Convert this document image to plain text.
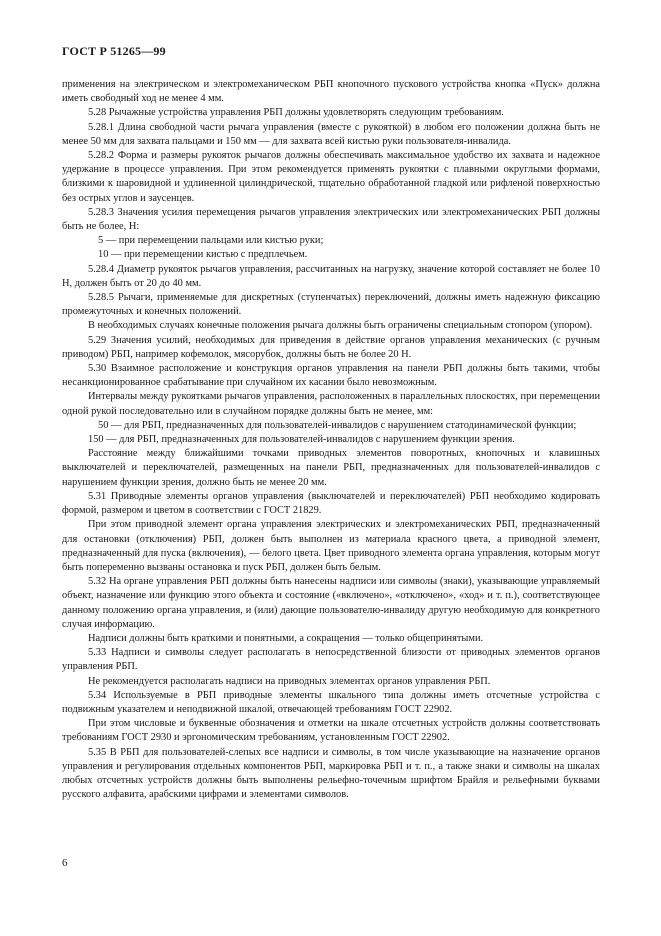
ГОСТ Р 51265—99

применения на электрическом и электромеханическом РБП кнопочного пускового устройства кнопка «Пуск» должна иметь свободный ход не менее 4 мм.

5.28 Рычажные устройства управления РБП должны удовлетворять следующим требованиям.

5.28.1 Длина свободной части рычага управления (вместе с рукояткой) в любом его положении должна быть не менее 50 мм для захвата пальцами и 150 мм — для захвата всей кистью руки пользователя-инвалида.

5.28.2 Форма и размеры рукояток рычагов должны обеспечивать максимальное удобство их захвата и надежное удержание в процессе управления. При этом рекомендуется применять рукоятки с плавными округлыми формами, близкими к шаровидной и удлиненной цилиндрической, тщательно обработанной гладкой или рифленой поверхностью без острых углов и заусенцев.

5.28.3 Значения усилия перемещения рычагов управления электрических или электромеханических РБП должны быть не более, Н:

5 — при перемещении пальцами или кистью руки;

10 — при перемещении кистью с предплечьем.

5.28.4 Диаметр рукояток рычагов управления, рассчитанных на нагрузку, значение которой составляет не более 10 Н, должен быть от 20 до 40 мм.

5.28.5 Рычаги, применяемые для дискретных (ступенчатых) переключений, должны иметь надежную фиксацию промежуточных и конечных положений.

В необходимых случаях конечные положения рычага должны быть ограничены специальным стопором (упором).

5.29 Значения усилий, необходимых для приведения в действие органов управления механических (с ручным приводом) РБП, например кофемолок, мясорубок, должны быть не более 20 Н.

5.30 Взаимное расположение и конструкция органов управления на панели РБП должны быть такими, чтобы несанкционированное срабатывание при случайном их касании было невозможным.

Интервалы между рукоятками рычагов управления, расположенных в параллельных плоскостях, при перемещении одной рукой последовательно или в случайном порядке должны быть не менее, мм:

50 — для РБП, предназначенных для пользователей-инвалидов с нарушением статодинамической функции;

150 — для РБП, предназначенных для пользователей-инвалидов с нарушением функции зрения.

Расстояние между ближайшими точками приводных элементов поворотных, кнопочных и клавишных выключателей и переключателей, размещенных на панели РБП, предназначенных для пользователей-инвалидов с нарушением функции зрения, должно быть не менее 20 мм.

5.31 Приводные элементы органов управления (выключателей и переключателей) РБП необходимо кодировать формой, размером и цветом в соответствии с ГОСТ 21829.

При этом приводной элемент органа управления электрических и электромеханических РБП, предназначенный для остановки (отключения) РБП, должен быть выполнен из материала красного цвета, а приводной элемент, предназначенный для пуска (включения), — белого цвета. Цвет приводного элемента органа управления, которым могут быть попеременно вызваны остановка и пуск РБП, должен быть белым.

5.32 На органе управления РБП должны быть нанесены надписи или символы (знаки), указывающие управляемый объект, назначение или функцию этого объекта и состояние («включено», «отключено», «ход» и т. п.), соответствующее данному положению органа управления, и (или) дающие пользователю-инвалиду другую необходимую для конкретного случая информацию.

Надписи должны быть краткими и понятными, а сокращения — только общепринятыми.

5.33 Надписи и символы следует располагать в непосредственной близости от приводных элементов органов управления РБП.

Не рекомендуется располагать надписи на приводных элементах органов управления РБП.

5.34 Используемые в РБП приводные элементы шкального типа должны иметь отсчетные устройства с подвижным указателем и неподвижной шкалой, отвечающей требованиям ГОСТ 22902.

При этом числовые и буквенные обозначения и отметки на шкале отсчетных устройств должны соответствовать требованиям ГОСТ 2930 и эргономическим требованиям, установленным ГОСТ 22902.

5.35 В РБП для пользователей-слепых все надписи и символы, в том числе указывающие на назначение органов управления и регулирования отдельных компонентов РБП, маркировка РБП и т. п., а также знаки и символы на шкалах любых отсчетных устройств должны быть выполнены рельефно-точечным шрифтом Брайля и рельефными буквами русского алфавита, арабскими цифрами и элементами символов.

6
